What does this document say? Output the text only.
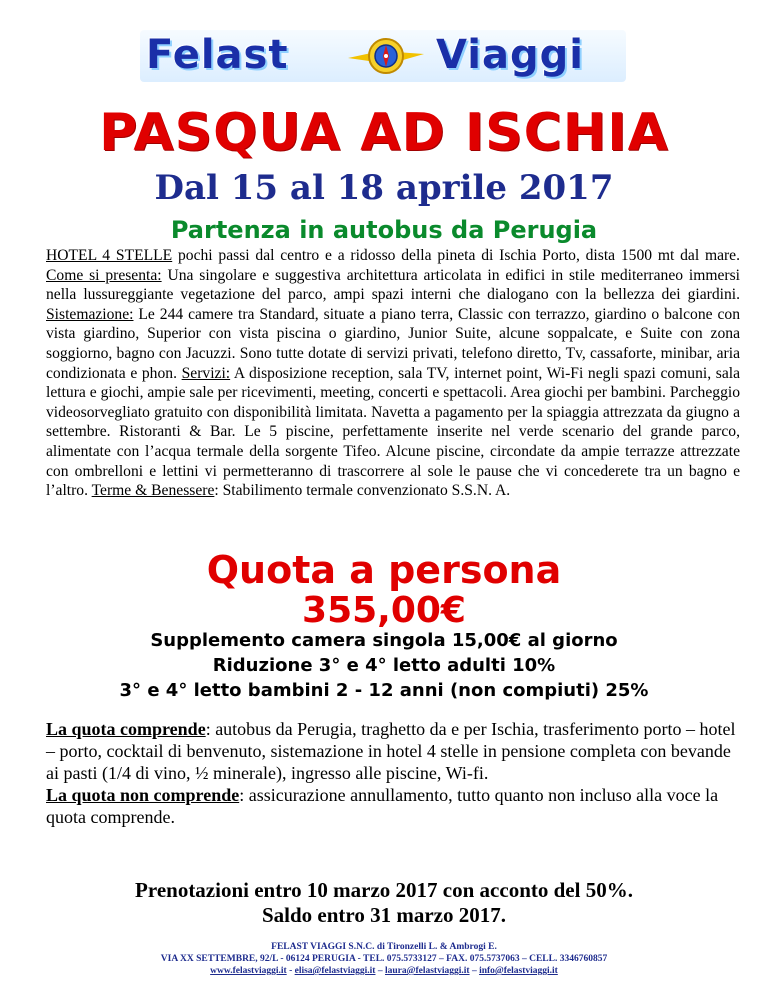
Felast	Viaggi
PASQUA AD ISCHIA
Dal 15 al 18 aprile 2017
Partenza in autobus da Perugia

HOTEL 4 STELLE pochi passi dal centro e a ridosso della pineta di Ischia Porto, dista 1500 mt dal mare. Come si presenta: Una singolare e suggestiva architettura articolata in edifici in stile mediterraneo immersi nella lussureggiante vegetazione del parco, ampi spazi interni che dialogano con la bellezza dei giardini. Sistemazione: Le 244 camere tra Standard, situate a piano terra, Classic con terrazzo, giardino o balcone con vista giardino, Superior con vista piscina o giardino, Junior Suite, alcune soppalcate, e Suite con zona soggiorno, bagno con Jacuzzi. Sono tutte dotate di servizi privati, telefono diretto, Tv, cassaforte, minibar, aria condizionata e phon. Servizi: A disposizione reception, sala TV, internet point, Wi-Fi negli spazi comuni, sala lettura e giochi, ampie sale per ricevimenti, meeting, concerti e spettacoli. Area giochi per bambini. Parcheggio videosorvegliato gratuito con disponibilità limitata. Navetta a pagamento per la spiaggia attrezzata da giugno a settembre. Ristoranti & Bar. Le 5 piscine, perfettamente inserite nel verde scenario del grande parco, alimentate con l’acqua termale della sorgente Tifeo. Alcune piscine, circondate da ampie terrazze attrezzate con ombrelloni e lettini vi permetteranno di trascorrere al sole le pause che vi concederete tra un bagno e l’altro. Terme & Benessere: Stabilimento termale convenzionato S.S.N. A.

Quota a persona
355,00€
Supplemento camera singola 15,00€ al giorno
Riduzione 3° e 4° letto adulti 10%
3° e 4° letto bambini 2 - 12 anni (non compiuti) 25%
La quota comprende: autobus da Perugia, traghetto da e per Ischia, trasferimento porto – hotel – porto, cocktail di benvenuto, sistemazione in hotel 4 stelle in pensione completa con bevande ai pasti (1/4 di vino, ½ minerale), ingresso alle piscine, Wi-fi.
La quota non comprende: assicurazione annullamento, tutto quanto non incluso alla voce la quota comprende.
Prenotazioni entro 10 marzo 2017 con acconto del 50%.
Saldo entro 31 marzo 2017.
FELAST VIAGGI S.N.C. di Tironzelli L. & Ambrogi E.
VIA XX SETTEMBRE, 92/L - 06124 PERUGIA - TEL. 075.5733127 – FAX. 075.5737063 – CELL. 3346760857
www.felastviaggi.it - elisa@felastviaggi.it – laura@felastviaggi.it – info@felastviaggi.it
